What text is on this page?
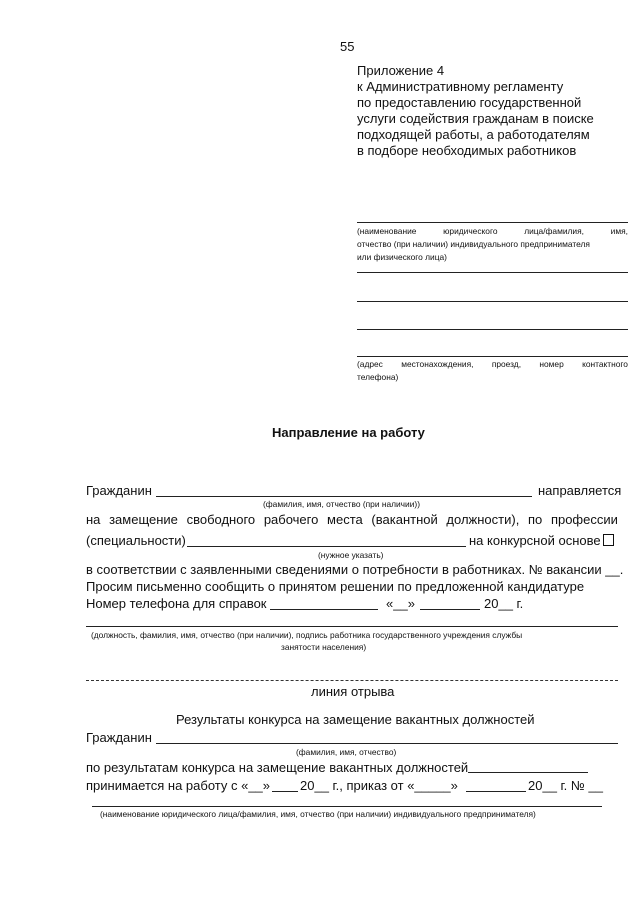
55
Приложение 4
к Административному регламенту
по предоставлению государственной
услуги содействия гражданам в поиске
подходящей работы, а работодателям
в подборе необходимых работников
(наименование	юридического	лица/фамилия,	имя,
отчество (при наличии) индивидуального предпринимателя
или физического лица)
(адрес местонахождения, проезд, номер контактного
телефона)
Направление на работу
Гражданин	направляется
(фамилия, имя, отчество (при наличии))
на замещение свободного рабочего места (вакантной должности), по профессии
(специальности)	на конкурсной основе
(нужное указать)
в соответствии с заявленными сведениями о потребности в работниках. № вакансии __.
Просим письменно сообщить о принятом решении по предложенной кандидатуре
Номер телефона для справок	«__»	20__ г.
(должность, фамилия, имя, отчество (при наличии), подпись работника государственного учреждения службы
занятости населения)
линия отрыва
Результаты конкурса на замещение вакантных должностей
Гражданин
(фамилия, имя, отчество)
по результатам конкурса на замещение вакантных должностей
принимается на работу с «__» 20__ г., приказ от «_____»	20__ г. № __
(наименование юридического лица/фамилия, имя, отчество (при наличии) индивидуального предпринимателя)
